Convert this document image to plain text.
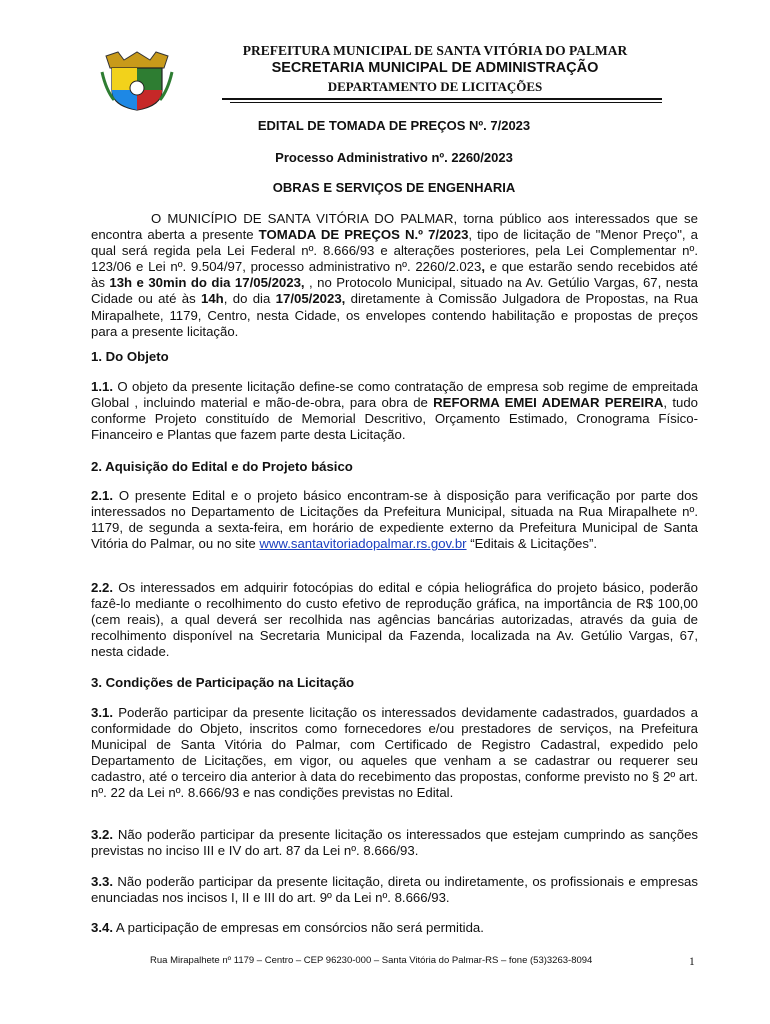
PREFEITURA MUNICIPAL DE SANTA VITÓRIA DO PALMAR
SECRETARIA MUNICIPAL DE ADMINISTRAÇÃO
DEPARTAMENTO DE LICITAÇÕES
EDITAL DE TOMADA DE PREÇOS Nº. 7/2023
Processo Administrativo nº. 2260/2023
OBRAS E SERVIÇOS DE ENGENHARIA
O MUNICÍPIO DE SANTA VITÓRIA DO PALMAR, torna público aos interessados que se encontra aberta a presente TOMADA DE PREÇOS N.º 7/2023, tipo de licitação de "Menor Preço", a qual será regida pela Lei Federal nº. 8.666/93 e alterações posteriores, pela Lei Complementar nº. 123/06 e Lei nº. 9.504/97, processo administrativo nº. 2260/2.023, e que estarão sendo recebidos até às 13h e 30min do dia 17/05/2023, , no Protocolo Municipal, situado na Av. Getúlio Vargas, 67, nesta Cidade ou até às 14h, do dia 17/05/2023, diretamente à Comissão Julgadora de Propostas, na Rua Mirapalhete, 1179, Centro, nesta Cidade, os envelopes contendo habilitação e propostas de preços para a presente licitação.
1. Do Objeto
1.1. O objeto da presente licitação define-se como contratação de empresa sob regime de empreitada Global , incluindo material e mão-de-obra, para obra de REFORMA EMEI ADEMAR PEREIRA, tudo conforme Projeto constituído de Memorial Descritivo, Orçamento Estimado, Cronograma Físico-Financeiro e Plantas que fazem parte desta Licitação.
2. Aquisição do Edital e do Projeto básico
2.1. O presente Edital e o projeto básico encontram-se à disposição para verificação por parte dos interessados no Departamento de Licitações da Prefeitura Municipal, situada na Rua Mirapalhete nº. 1179, de segunda a sexta-feira, em horário de expediente externo da Prefeitura Municipal de Santa Vitória do Palmar, ou no site www.santavitoriadopalmar.rs.gov.br “Editais & Licitações”.
2.2. Os interessados em adquirir fotocópias do edital e cópia heliográfica do projeto básico, poderão fazê-lo mediante o recolhimento do custo efetivo de reprodução gráfica, na importância de R$ 100,00 (cem reais), a qual deverá ser recolhida nas agências bancárias autorizadas, através da guia de recolhimento disponível na Secretaria Municipal da Fazenda, localizada na Av. Getúlio Vargas, 67, nesta cidade.
3. Condições de Participação na Licitação
3.1. Poderão participar da presente licitação os interessados devidamente cadastrados, guardados a conformidade do Objeto, inscritos como fornecedores e/ou prestadores de serviços, na Prefeitura Municipal de Santa Vitória do Palmar, com Certificado de Registro Cadastral, expedido pelo Departamento de Licitações, em vigor, ou aqueles que venham a se cadastrar ou requerer seu cadastro, até o terceiro dia anterior à data do recebimento das propostas, conforme previsto no § 2º art. nº. 22 da Lei nº. 8.666/93 e nas condições previstas no Edital.
3.2. Não poderão participar da presente licitação os interessados que estejam cumprindo as sanções previstas no inciso III e IV do art. 87 da Lei nº. 8.666/93.
3.3. Não poderão participar da presente licitação, direta ou indiretamente, os profissionais e empresas enunciadas nos incisos I, II e III do art. 9º da Lei nº. 8.666/93.
3.4. A participação de empresas em consórcios não será permitida.
Rua Mirapalhete nº 1179 – Centro – CEP 96230-000 – Santa Vitória do Palmar-RS – fone (53)3263-8094	1
